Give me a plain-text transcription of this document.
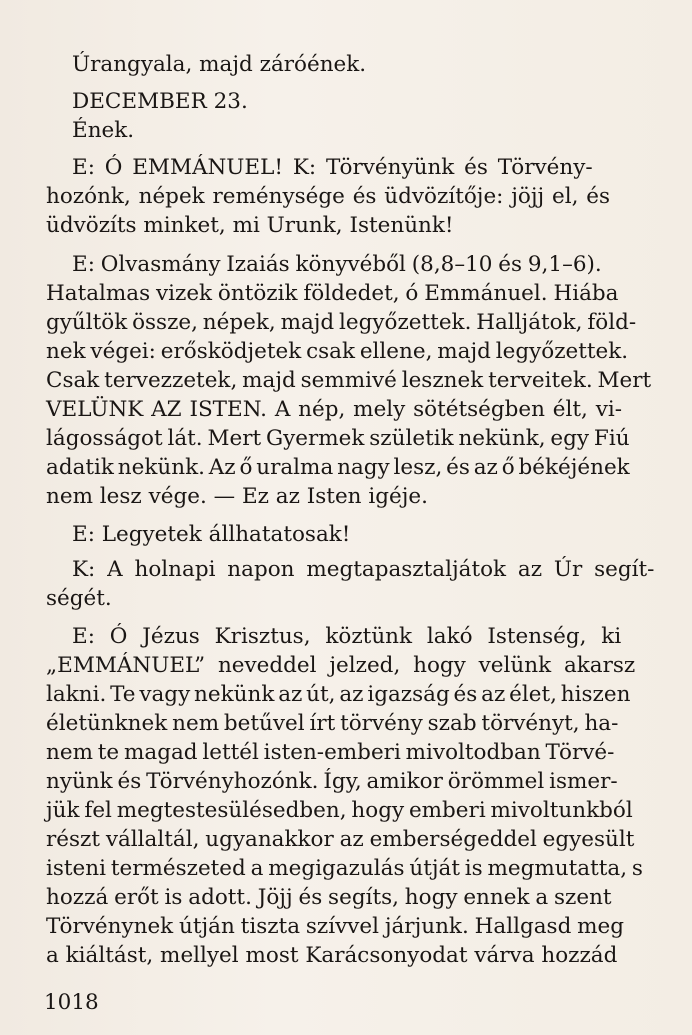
Úrangyala, majd záróének.
DECEMBER 23.
Ének.
E: Ó EMMÁNUEL! K: Törvényünk és Törvény-
hozónk, népek reménysége és üdvözítője: jöjj el, és
üdvözíts minket, mi Urunk, Istenünk!
E: Olvasmány Izaiás könyvéből (8,8–10 és 9,1–6).
Hatalmas vizek öntözik földedet, ó Emmánuel. Hiába
gyűltök össze, népek, majd legyőzettek. Halljátok, föld-
nek végei: erősködjetek csak ellene, majd legyőzettek.
Csak tervezzetek, majd semmivé lesznek terveitek. Mert
VELÜNK AZ ISTEN. A nép, mely sötétségben élt, vi-
lágosságot lát. Mert Gyermek születik nekünk, egy Fiú
adatik nekünk. Az ő uralma nagy lesz, és az ő békéjének
nem lesz vége. — Ez az Isten igéje.
E: Legyetek állhatatosak!
K: A holnapi napon megtapasztaljátok az Úr segít-
ségét.
E: Ó Jézus Krisztus, köztünk lakó Istenség, ki
„EMMÁNUEL” neveddel jelzed, hogy velünk akarsz
lakni. Te vagy nekünk az út, az igazság és az élet, hiszen
életünknek nem betűvel írt törvény szab törvényt, ha-
nem te magad lettél isten-emberi mivoltodban Törvé-
nyünk és Törvényhozónk. Így, amikor örömmel ismer-
jük fel megtestesülésedben, hogy emberi mivoltunkból
részt vállaltál, ugyanakkor az emberségeddel egyesült
isteni természeted a megigazulás útját is megmutatta, s
hozzá erőt is adott. Jöjj és segíts, hogy ennek a szent
Törvénynek útján tiszta szívvel járjunk. Hallgasd meg
a kiáltást, mellyel most Karácsonyodat várva hozzád
1018
